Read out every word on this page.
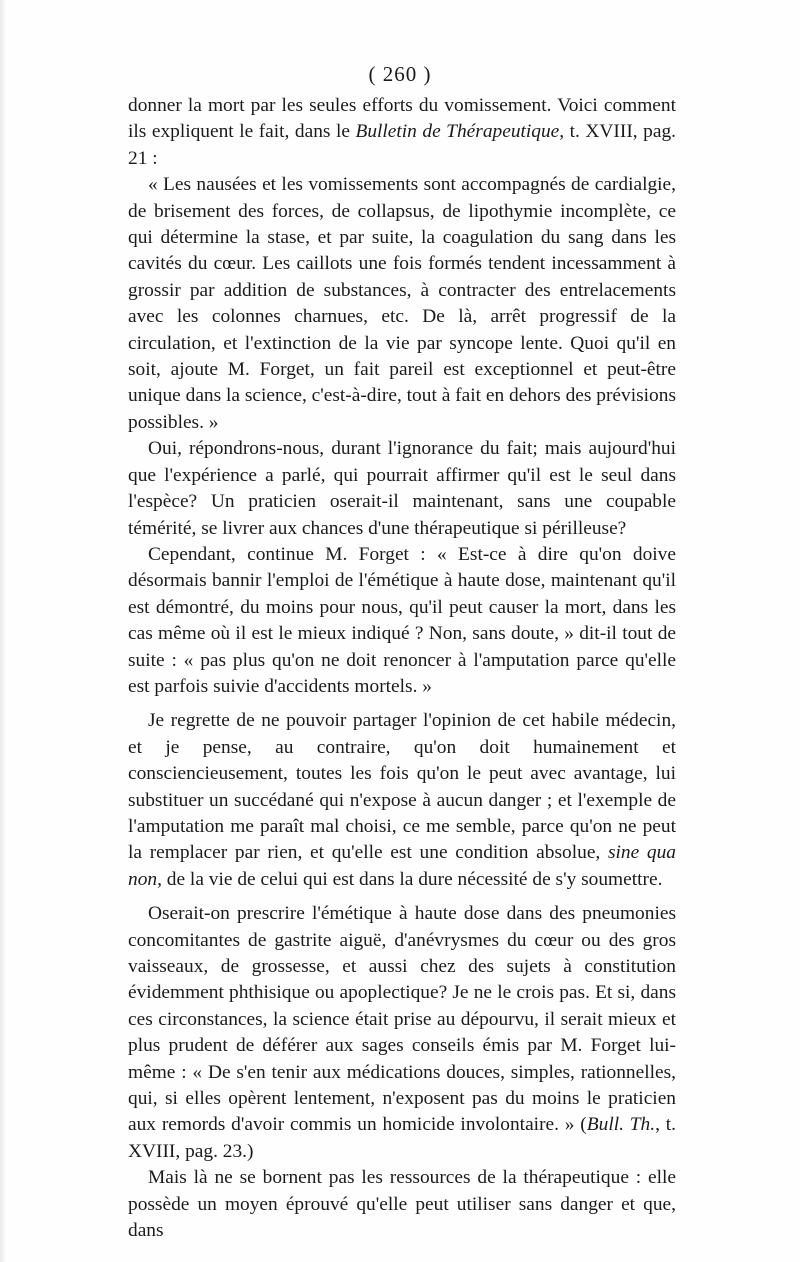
( 260 )

donner la mort par les seules efforts du vomissement. Voici comment ils expliquent le fait, dans le Bulletin de Thérapeutique, t. XVIII, pag. 21 :

« Les nausées et les vomissements sont accompagnés de cardialgie, de brisement des forces, de collapsus, de lipothymie incomplète, ce qui détermine la stase, et par suite, la coagulation du sang dans les cavités du cœur. Les caillots une fois formés tendent incessamment à grossir par addition de substances, à contracter des entrelacements avec les colonnes charnues, etc. De là, arrêt progressif de la circulation, et l'extinction de la vie par syncope lente. Quoi qu'il en soit, ajoute M. Forget, un fait pareil est exceptionnel et peut-être unique dans la science, c'est-à-dire, tout à fait en dehors des prévisions possibles. »

Oui, répondrons-nous, durant l'ignorance du fait; mais aujourd'hui que l'expérience a parlé, qui pourrait affirmer qu'il est le seul dans l'espèce? Un praticien oserait-il maintenant, sans une coupable témérité, se livrer aux chances d'une thérapeutique si périlleuse?

Cependant, continue M. Forget : « Est-ce à dire qu'on doive désormais bannir l'emploi de l'émétique à haute dose, maintenant qu'il est démontré, du moins pour nous, qu'il peut causer la mort, dans les cas même où il est le mieux indiqué ? Non, sans doute, » dit-il tout de suite : « pas plus qu'on ne doit renoncer à l'amputation parce qu'elle est parfois suivie d'accidents mortels. »

Je regrette de ne pouvoir partager l'opinion de cet habile médecin, et je pense, au contraire, qu'on doit humainement et consciencieusement, toutes les fois qu'on le peut avec avantage, lui substituer un succédané qui n'expose à aucun danger ; et l'exemple de l'amputation me paraît mal choisi, ce me semble, parce qu'on ne peut la remplacer par rien, et qu'elle est une condition absolue, sine qua non, de la vie de celui qui est dans la dure nécessité de s'y soumettre.

Oserait-on prescrire l'émétique à haute dose dans des pneumonies concomitantes de gastrite aiguë, d'anévrysmes du cœur ou des gros vaisseaux, de grossesse, et aussi chez des sujets à constitution évidemment phthisique ou apoplectique? Je ne le crois pas. Et si, dans ces circonstances, la science était prise au dépourvu, il serait mieux et plus prudent de déférer aux sages conseils émis par M. Forget lui-même : « De s'en tenir aux médications douces, simples, rationnelles, qui, si elles opèrent lentement, n'exposent pas du moins le praticien aux remords d'avoir commis un homicide involontaire. » (Bull. Th., t. XVIII, pag. 23.)

Mais là ne se bornent pas les ressources de la thérapeutique : elle possède un moyen éprouvé qu'elle peut utiliser sans danger et que, dans
